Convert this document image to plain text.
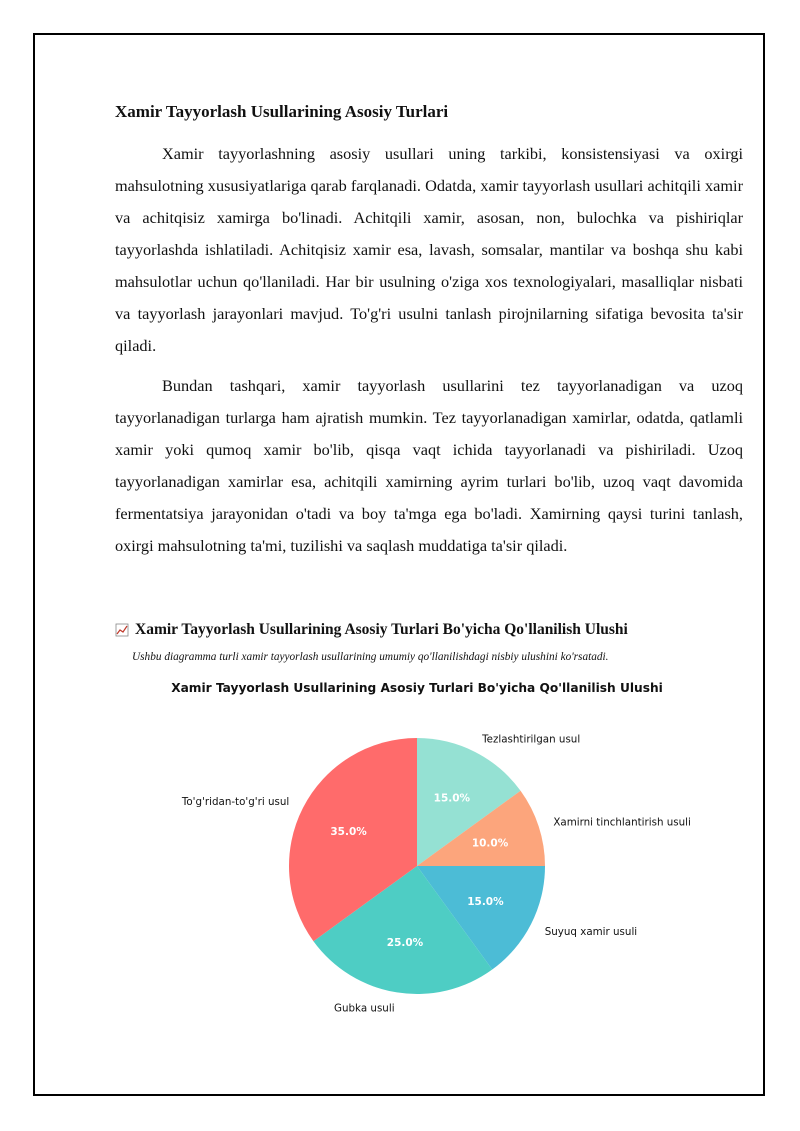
Xamir Tayyorlash Usullarining Asosiy Turlari

Xamir tayyorlashning asosiy usullari uning tarkibi, konsistensiyasi va oxirgi mahsulotning xususiyatlariga qarab farqlanadi. Odatda, xamir tayyorlash usullari achitqili xamir va achitqisiz xamirga bo'linadi. Achitqili xamir, asosan, non, bulochka va pishiriqlar tayyorlashda ishlatiladi. Achitqisiz xamir esa, lavash, somsalar, mantilar va boshqa shu kabi mahsulotlar uchun qo'llaniladi. Har bir usulning o'ziga xos texnologiyalari, masalliqlar nisbati va tayyorlash jarayonlari mavjud. To'g'ri usulni tanlash pirojnilarning sifatiga bevosita ta'sir qiladi.

Bundan tashqari, xamir tayyorlash usullarini tez tayyorlanadigan va uzoq tayyorlanadigan turlarga ham ajratish mumkin. Tez tayyorlanadigan xamirlar, odatda, qatlamli xamir yoki qumoq xamir bo'lib, qisqa vaqt ichida tayyorlanadi va pishiriladi. Uzoq tayyorlanadigan xamirlar esa, achitqili xamirning ayrim turlari bo'lib, uzoq vaqt davomida fermentatsiya jarayonidan o'tadi va boy ta'mga ega bo'ladi. Xamirning qaysi turini tanlash, oxirgi mahsulotning ta'mi, tuzilishi va saqlash muddatiga ta'sir qiladi.

Xamir Tayyorlash Usullarining Asosiy Turlari Bo'yicha Qo'llanilish Ulushi
Ushbu diagramma turli xamir tayyorlash usullarining umumiy qo'llanilishdagi nisbiy ulushini ko'rsatadi.
Xamir Tayyorlash Usullarining Asosiy Turlari Bo'yicha Qo'llanilish Ulushi
15.0%
Tezlashtirilgan usul
10.0%
Xamirni tinchlantirish usuli
15.0%
Suyuq xamir usuli
25.0%
Gubka usuli
35.0%
To'g'ridan-to'g'ri usul
